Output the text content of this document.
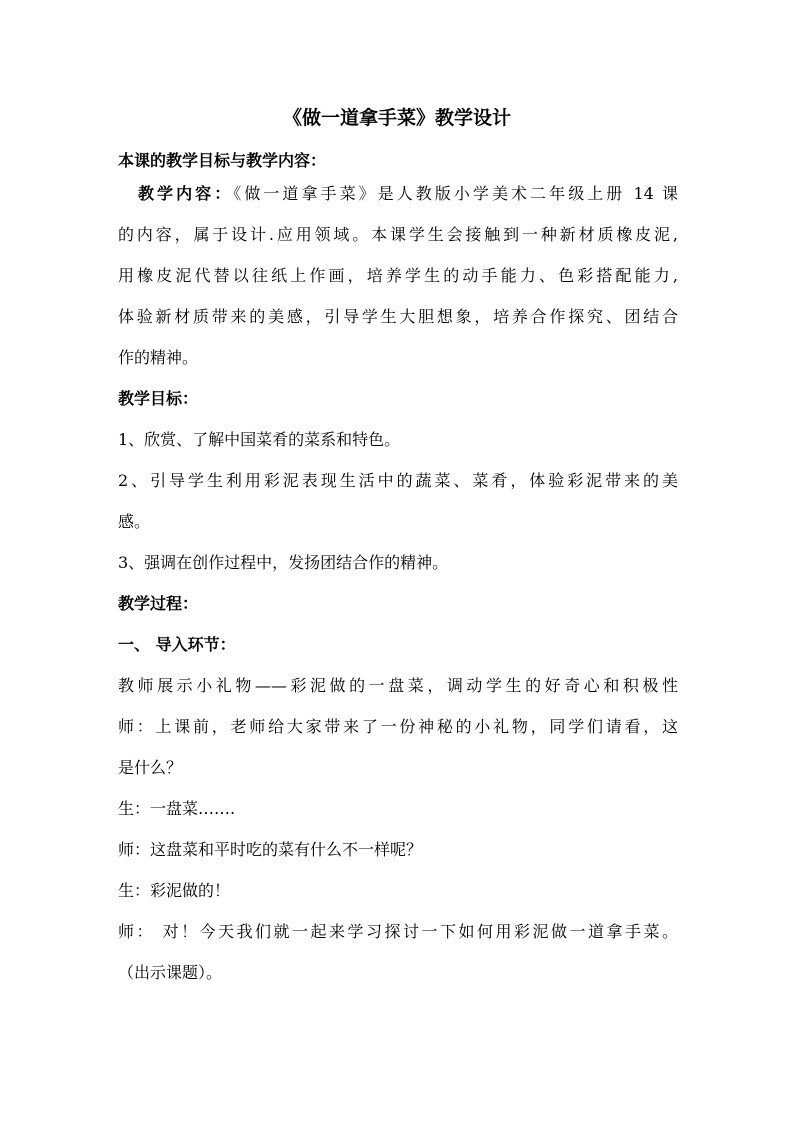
《做一道拿手菜》教学设计
本课的教学目标与教学内容：
教学内容：《做一道拿手菜》是人教版小学美术二年级上册 14 课
的内容，属于设计.应用领域。本课学生会接触到一种新材质橡皮泥,
用橡皮泥代替以往纸上作画，培养学生的动手能力、色彩搭配能力,
体验新材质带来的美感，引导学生大胆想象，培养合作探究、团结合
作的精神。
教学目标：
1、欣赏、了解中国菜肴的菜系和特色。
2、引导学生利用彩泥表现生活中的蔬菜、菜肴，体验彩泥带来的美
感。
3、强调在创作过程中，发扬团结合作的精神。
教学过程：
一、 导入环节：
教师展示小礼物——彩泥做的一盘菜，调动学生的好奇心和积极性
师：上课前，老师给大家带来了一份神秘的小礼物，同学们请看，这
是什么？
生：一盘菜…….
师：这盘菜和平时吃的菜有什么不一样呢？
生：彩泥做的！
师： 对！今天我们就一起来学习探讨一下如何用彩泥做一道拿手菜。
（出示课题）。
